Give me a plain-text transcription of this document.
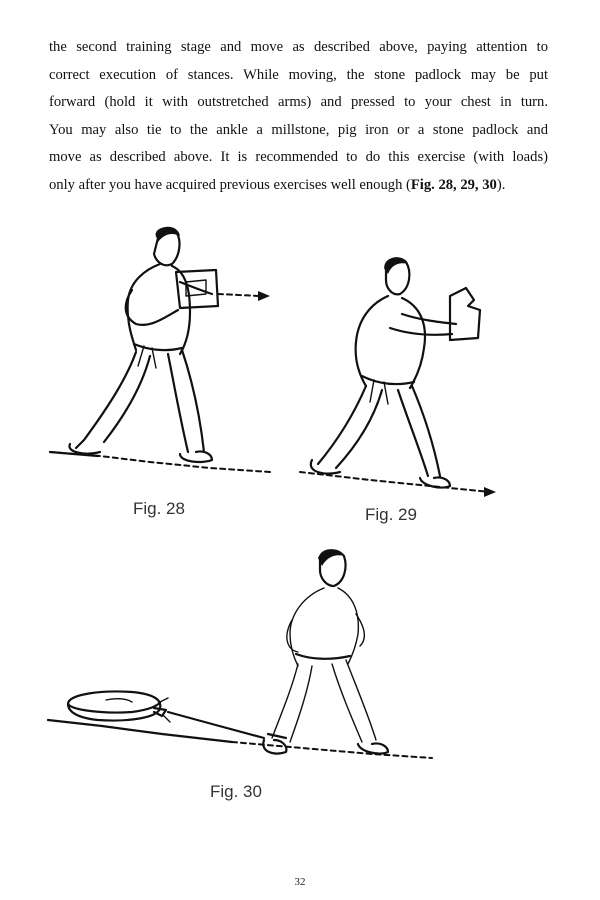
the second training stage and move as described above, paying attention to
correct execution of stances. While moving, the stone padlock may be put
forward (hold it with outstretched arms) and pressed to your chest in turn.
You may also tie to the ankle a millstone, pig iron or a stone padlock and
move as described above. It is recommended to do this exercise (with loads)
only after you have acquired previous exercises well enough (Fig. 28, 29, 30).
Fig. 28	Fig. 29
Fig. 30
32
